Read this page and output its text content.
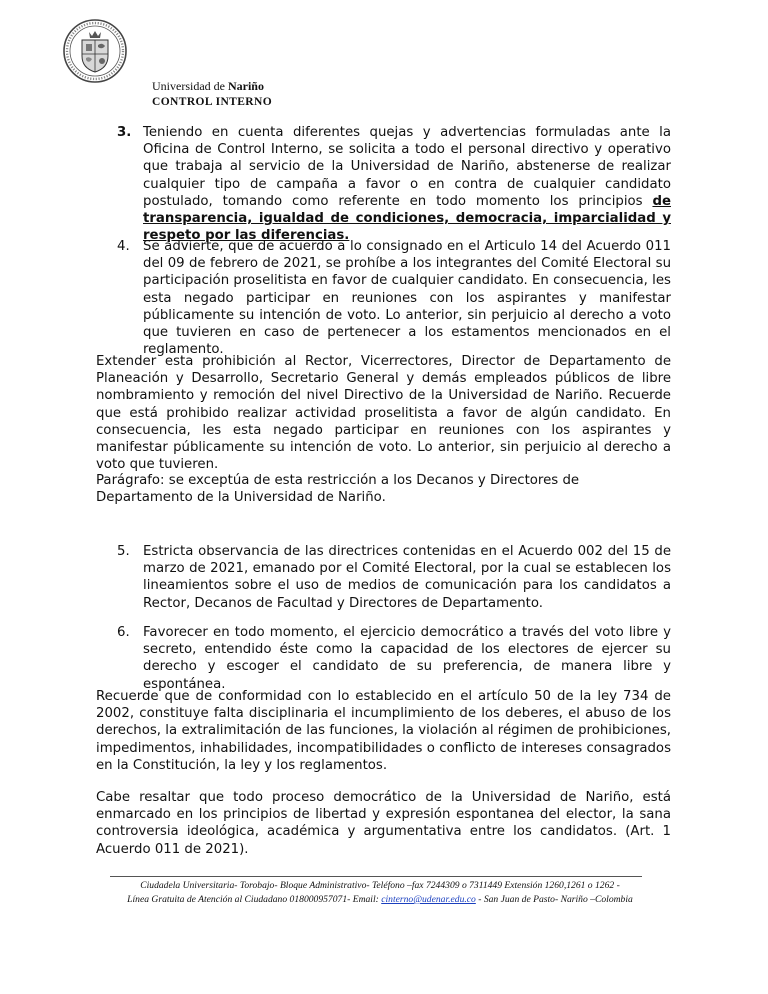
Universidad de Nariño
CONTROL INTERNO
3. Teniendo en cuenta diferentes quejas y advertencias formuladas ante la Oficina de Control Interno, se solicita a todo el personal directivo y operativo que trabaja al servicio de la Universidad de Nariño, abstenerse de realizar cualquier tipo de campaña a favor o en contra de cualquier candidato postulado, tomando como referente en todo momento los principios de transparencia, igualdad de condiciones, democracia, imparcialidad y respeto por las diferencias.

4. Se advierte, que de acuerdo a lo consignado en el Articulo 14 del Acuerdo 011 del 09 de febrero de 2021, se prohíbe a los integrantes del Comité Electoral su participación proselitista en favor de cualquier candidato. En consecuencia, les esta negado participar en reuniones con los aspirantes y manifestar públicamente su intención de voto. Lo anterior, sin perjuicio al derecho a voto que tuvieren en caso de pertenecer a los estamentos mencionados en el reglamento.

Extender esta prohibición al Rector, Vicerrectores, Director de Departamento de Planeación y Desarrollo, Secretario General y demás empleados públicos de libre nombramiento y remoción del nivel Directivo de la Universidad de Nariño. Recuerde que está prohibido realizar actividad proselitista a favor de algún candidato. En consecuencia, les esta negado participar en reuniones con los aspirantes y manifestar públicamente su intención de voto. Lo anterior, sin perjuicio al derecho a voto que tuvieren.

Parágrafo: se exceptúa de esta restricción a los Decanos y Directores de Departamento de la Universidad de Nariño.

5. Estricta observancia de las directrices contenidas en el Acuerdo 002 del 15 de marzo de 2021, emanado por el Comité Electoral, por la cual se establecen los lineamientos sobre el uso de medios de comunicación para los candidatos a Rector, Decanos de Facultad y Directores de Departamento.

6. Favorecer en todo momento, el ejercicio democrático a través del voto libre y secreto, entendido éste como la capacidad de los electores de ejercer su derecho y escoger el candidato de su preferencia, de manera libre y espontánea.

Recuerde que de conformidad con lo establecido en el artículo 50 de la ley 734 de 2002, constituye falta disciplinaria el incumplimiento de los deberes, el abuso de los derechos, la extralimitación de las funciones, la violación al régimen de prohibiciones, impedimentos, inhabilidades, incompatibilidades o conflicto de intereses consagrados en la Constitución, la ley y los reglamentos.

Cabe resaltar que todo proceso democrático de la Universidad de Nariño, está enmarcado en los principios de libertad y expresión espontanea del elector, la sana controversia ideológica, académica y argumentativa entre los candidatos. (Art. 1 Acuerdo 011 de 2021).

Ciudadela Universitaria- Torobajo- Bloque Administrativo- Teléfono –fax 7244309 o 7311449 Extensión 1260,1261 o 1262 -
Línea Gratuita de Atención al Ciudadano 018000957071- Email: cinterno@udenar.edu.co - San Juan de Pasto- Nariño –Colombia
